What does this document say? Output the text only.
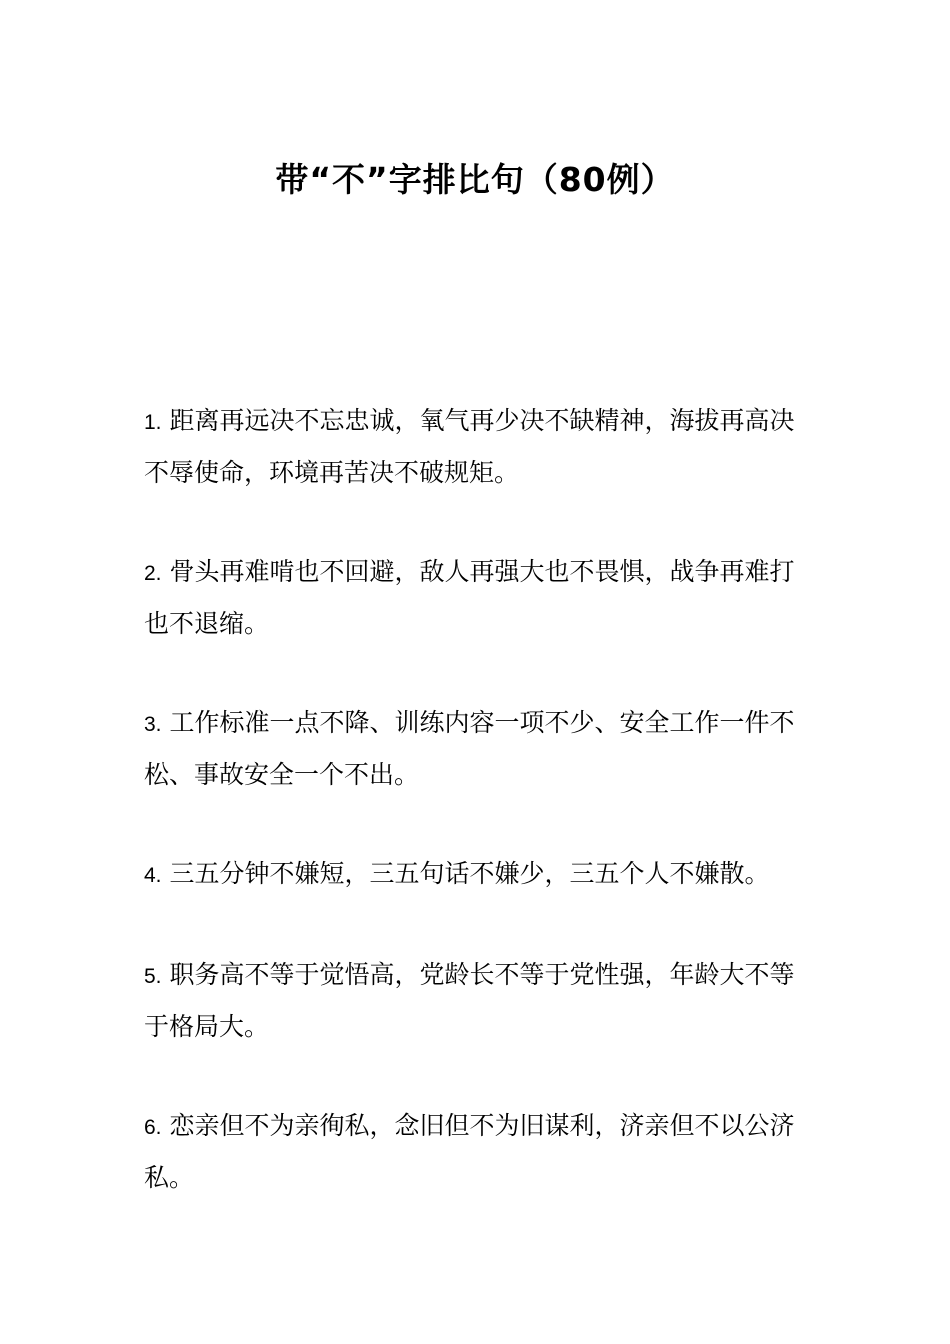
带“不”字排比句（80例）
1. 距离再远决不忘忠诚，氧气再少决不缺精神，海拔再高决不辱使命，环境再苦决不破规矩。
2. 骨头再难啃也不回避，敌人再强大也不畏惧，战争再难打也不退缩。
3. 工作标准一点不降、训练内容一项不少、安全工作一件不松、事故安全一个不出。
4. 三五分钟不嫌短，三五句话不嫌少，三五个人不嫌散。
5. 职务高不等于觉悟高，党龄长不等于党性强，年龄大不等于格局大。
6. 恋亲但不为亲徇私，念旧但不为旧谋利，济亲但不以公济私。
